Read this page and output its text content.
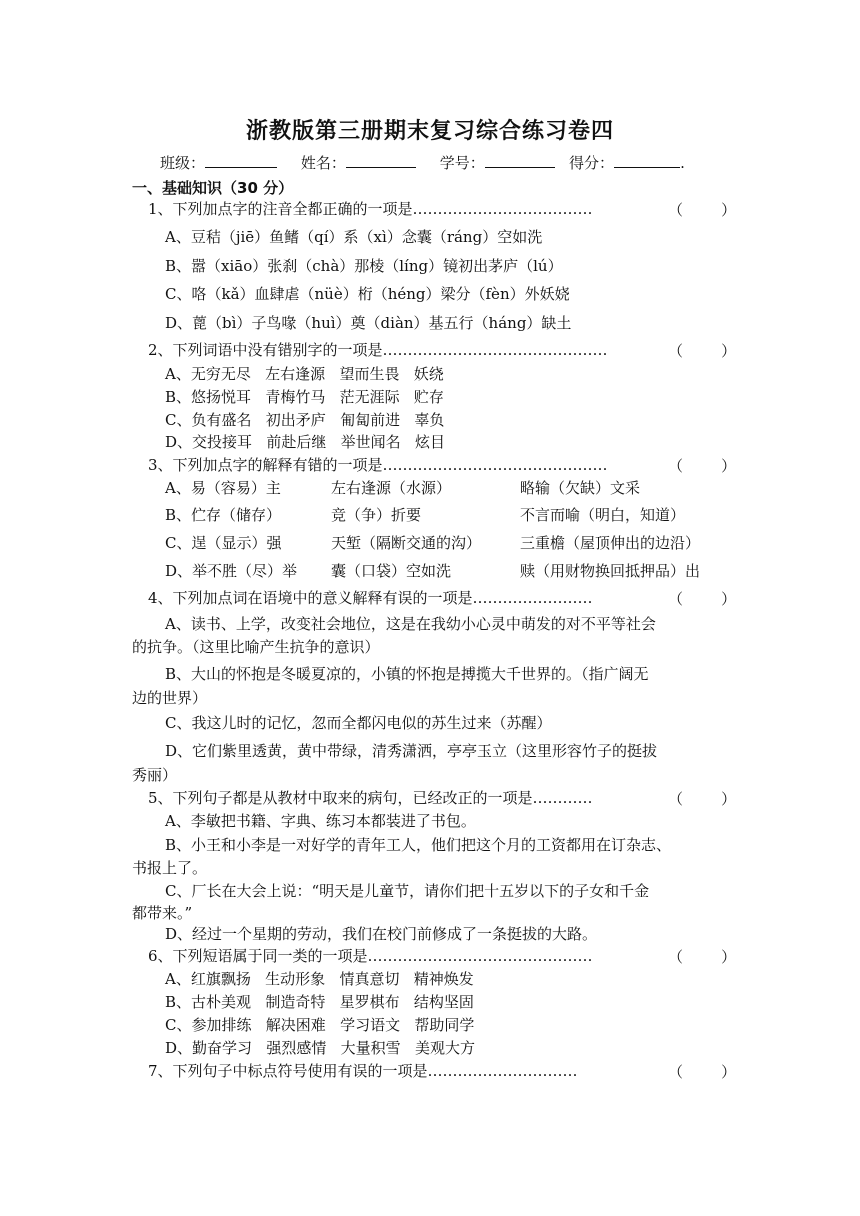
浙教版第三册期末复习综合练习卷四
班级：	姓名：	学号：	得分：	.
一、基础知识（30 分）
1、下列加点字的注音全都正确的一项是………………………………	（        ）
A、豆秸（jiē）鱼鳍（qí）系（xì）念囊（ráng）空如洗
B、嚣（xiāo）张刹（chà）那棱（líng）镜初出茅庐（lú）
C、咯（kǎ）血肆虐（nüè）桁（héng）梁分（fèn）外妖娆
D、蓖（bì）子鸟喙（huì）奠（diàn）基五行（háng）缺土
2、下列词语中没有错别字的一项是………………………………………	（        ）
A、无穷无尽   左右逢源   望而生畏   妖绕
B、悠扬悦耳   青梅竹马   茫无涯际   贮存
C、负有盛名   初出矛庐   匍匐前进   辜负
D、交投接耳   前赴后继   举世闻名   炫目
3、下列加点字的解释有错的一项是………………………………………	（        ）
A、易（容易）主	左右逢源（水源）	略输（欠缺）文采
B、伫存（储存）	竞（争）折要	不言而喻（明白，知道）
C、逞（显示）强	天堑（隔断交通的沟）	三重檐（屋顶伸出的边沿）
D、举不胜（尽）举 囊（口袋）空如洗	赎（用财物换回抵押品）出
4、下列加点词在语境中的意义解释有误的一项是……………………	（        ）
A、读书、上学，改变社会地位，这是在我幼小心灵中萌发的对不平等社会
的抗争。（这里比喻产生抗争的意识）
B、大山的怀抱是冬暖夏凉的，小镇的怀抱是搏揽大千世界的。（指广阔无
边的世界）
C、我这儿时的记忆，忽而全都闪电似的苏生过来（苏醒）
D、它们紫里透黄，黄中带绿，清秀潇洒，亭亭玉立（这里形容竹子的挺拔
秀丽）
5、下列句子都是从教材中取来的病句，已经改正的一项是…………	（        ）
A、李敏把书籍、字典、练习本都装进了书包。
B、小王和小李是一对好学的青年工人，他们把这个月的工资都用在订杂志、
书报上了。
C、厂长在大会上说：“明天是儿童节，请你们把十五岁以下的子女和千金
都带来。”
D、经过一个星期的劳动，我们在校门前修成了一条挺拔的大路。
6、下列短语属于同一类的一项是………………………………………	（        ）
A、红旗飘扬   生动形象   情真意切   精神焕发
B、古朴美观   制造奇特   星罗棋布   结构坚固
C、参加排练   解决困难   学习语文   帮助同学
D、勤奋学习   强烈感情   大量积雪   美观大方
7、下列句子中标点符号使用有误的一项是…………………………	（        ）
